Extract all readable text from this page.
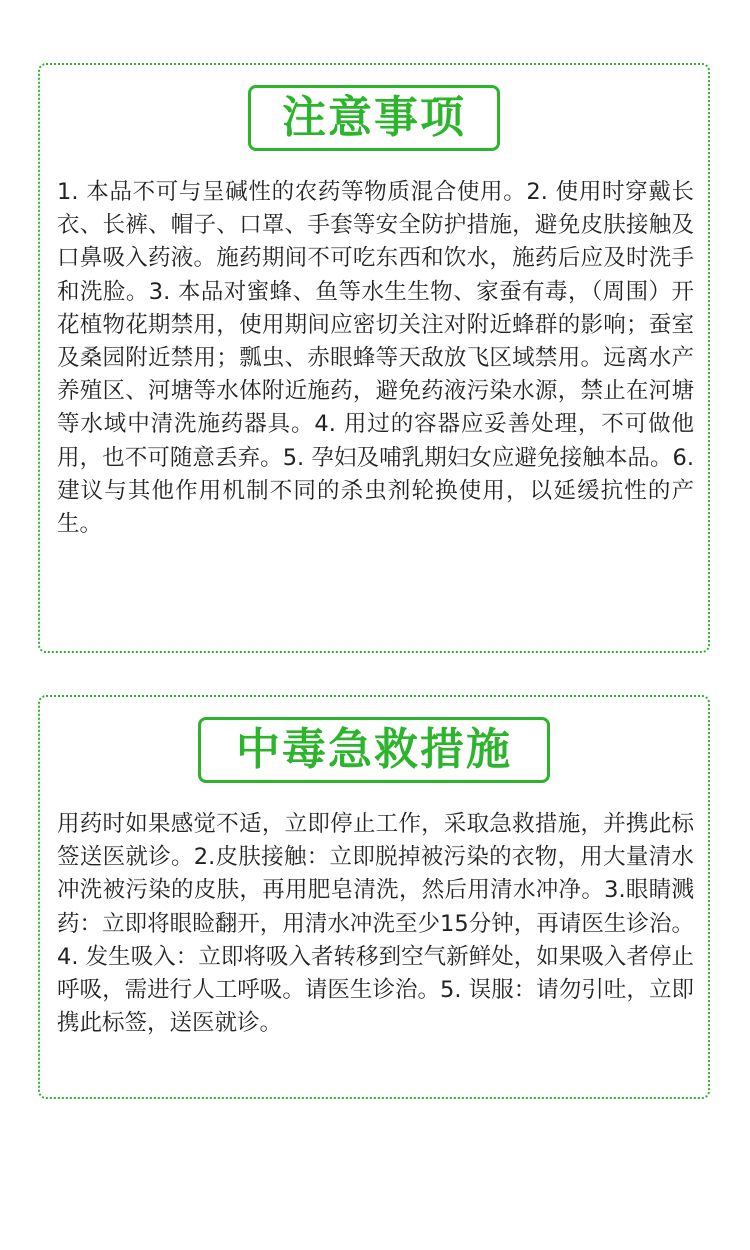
注意事项

1. 本品不可与呈碱性的农药等物质混合使用。2. 使用时穿戴长衣、长裤、帽子、口罩、手套等安全防护措施，避免皮肤接触及口鼻吸入药液。施药期间不可吃东西和饮水，施药后应及时洗手和洗脸。3. 本品对蜜蜂、鱼等水生生物、家蚕有毒，（周围）开花植物花期禁用，使用期间应密切关注对附近蜂群的影响；蚕室及桑园附近禁用；瓢虫、赤眼蜂等天敌放飞区域禁用。远离水产养殖区、河塘等水体附近施药，避免药液污染水源，禁止在河塘等水域中清洗施药器具。4. 用过的容器应妥善处理，不可做他用，也不可随意丢弃。5. 孕妇及哺乳期妇女应避免接触本品。6. 建议与其他作用机制不同的杀虫剂轮换使用，以延缓抗性的产生。

中毒急救措施

用药时如果感觉不适，立即停止工作，采取急救措施，并携此标签送医就诊。2.皮肤接触：立即脱掉被污染的衣物，用大量清水冲洗被污染的皮肤，再用肥皂清洗，然后用清水冲净。3.眼睛溅药：立即将眼睑翻开，用清水冲洗至少15分钟，再请医生诊治。4. 发生吸入：立即将吸入者转移到空气新鲜处，如果吸入者停止呼吸，需进行人工呼吸。请医生诊治。5. 误服：请勿引吐，立即携此标签，送医就诊。
